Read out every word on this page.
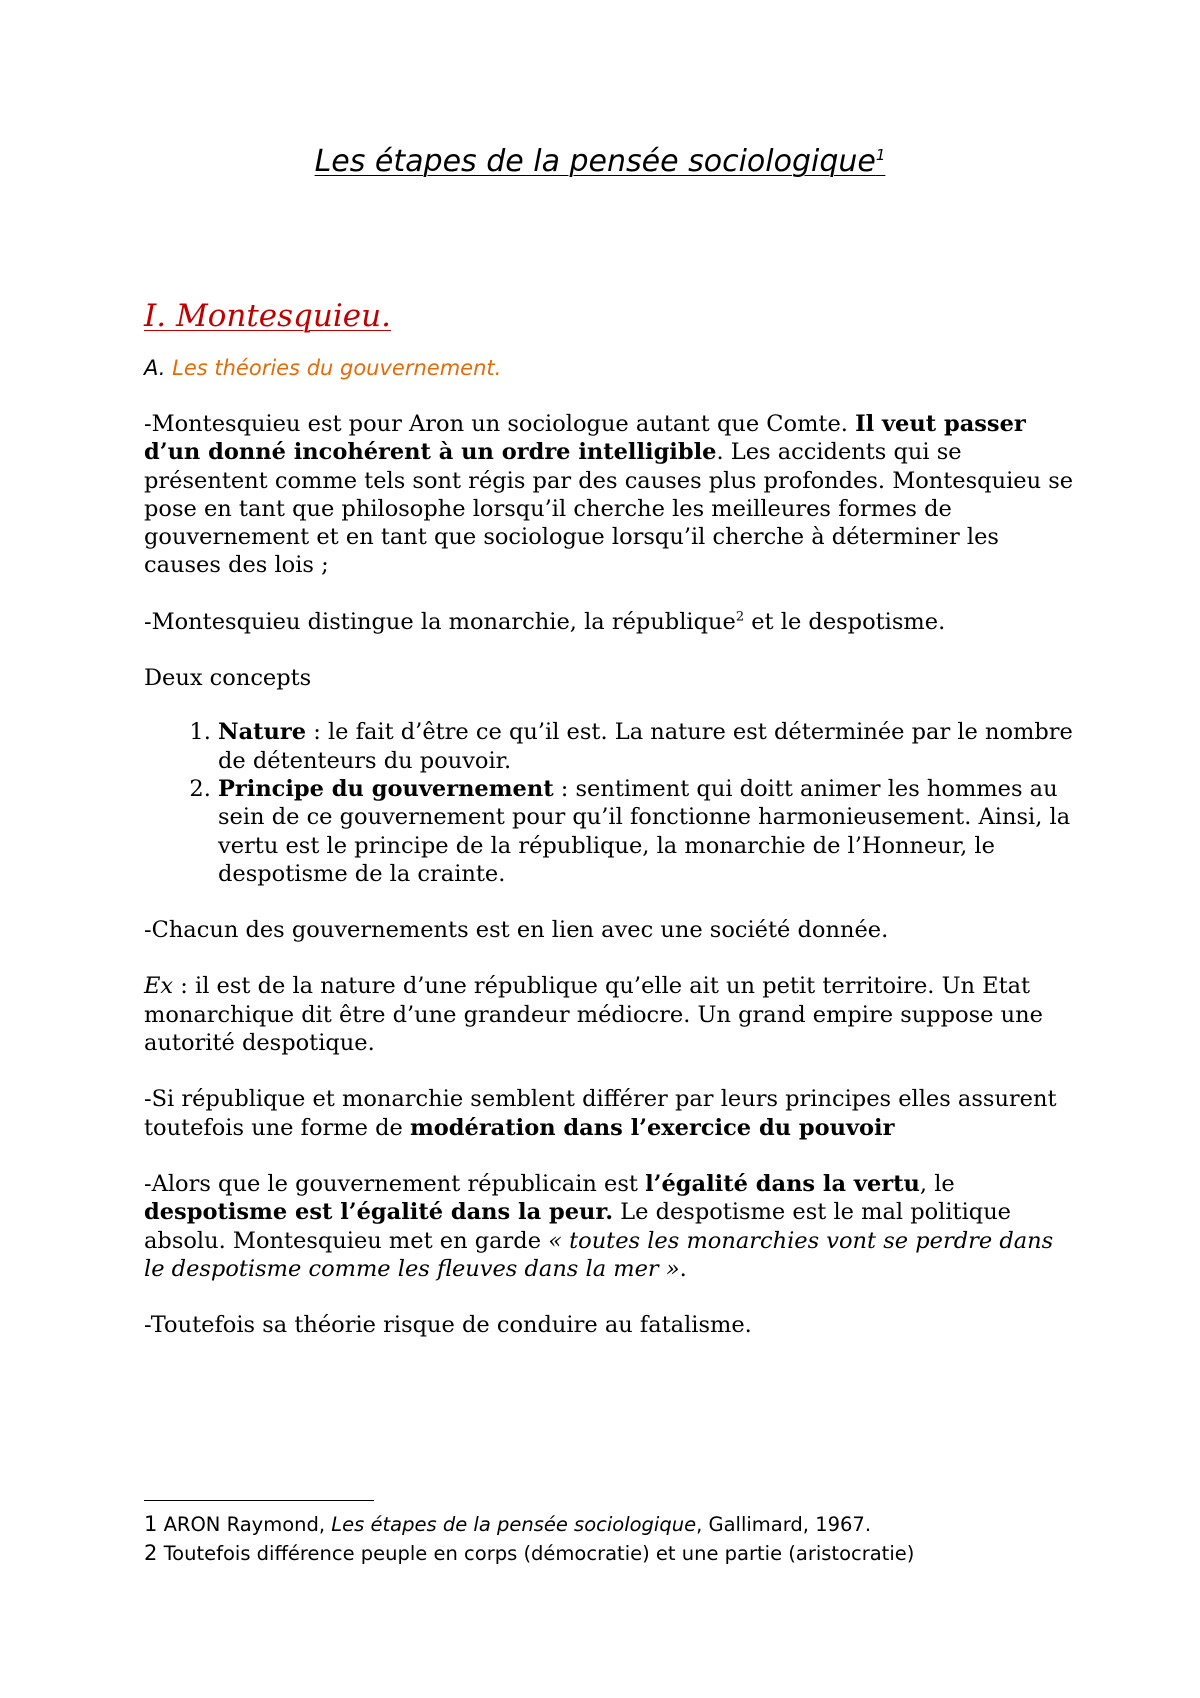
Les étapes de la pensée sociologique$^1$
I. Montesquieu.
A. Les théories du gouvernement.

-Montesquieu est pour Aron un sociologue autant que Comte. Il veut passer d’un donné incohérent à un ordre intelligible. Les accidents qui se présentent comme tels sont régis par des causes plus profondes. Montesquieu se pose en tant que philosophe lorsqu’il cherche les meilleures formes de gouvernement et en tant que sociologue lorsqu’il cherche à déterminer les causes des lois ;

-Montesquieu distingue la monarchie, la république$^2$ et le despotisme.

Deux concepts

1. Nature : le fait d’être ce qu’il est. La nature est déterminée par le nombre de détenteurs du pouvoir.
2. Principe du gouvernement : sentiment qui doitt animer les hommes au sein de ce gouvernement pour qu’il fonctionne harmonieusement. Ainsi, la vertu est le principe de la république, la monarchie de l’Honneur, le despotisme de la crainte.

-Chacun des gouvernements est en lien avec une société donnée.

Ex : il est de la nature d’une république qu’elle ait un petit territoire. Un Etat monarchique dit être d’une grandeur médiocre. Un grand empire suppose une autorité despotique.

-Si république et monarchie semblent différer par leurs principes elles assurent toutefois une forme de modération dans l’exercice du pouvoir

-Alors que le gouvernement républicain est l’égalité dans la vertu, le despotisme est l’égalité dans la peur. Le despotisme est le mal politique absolu. Montesquieu met en garde « toutes les monarchies vont se perdre dans le despotisme comme les fleuves dans la mer ».

-Toutefois sa théorie risque de conduire au fatalisme.

1 ARON Raymond, Les étapes de la pensée sociologique, Gallimard, 1967.
2 Toutefois différence peuple en corps (démocratie) et une partie (aristocratie)
